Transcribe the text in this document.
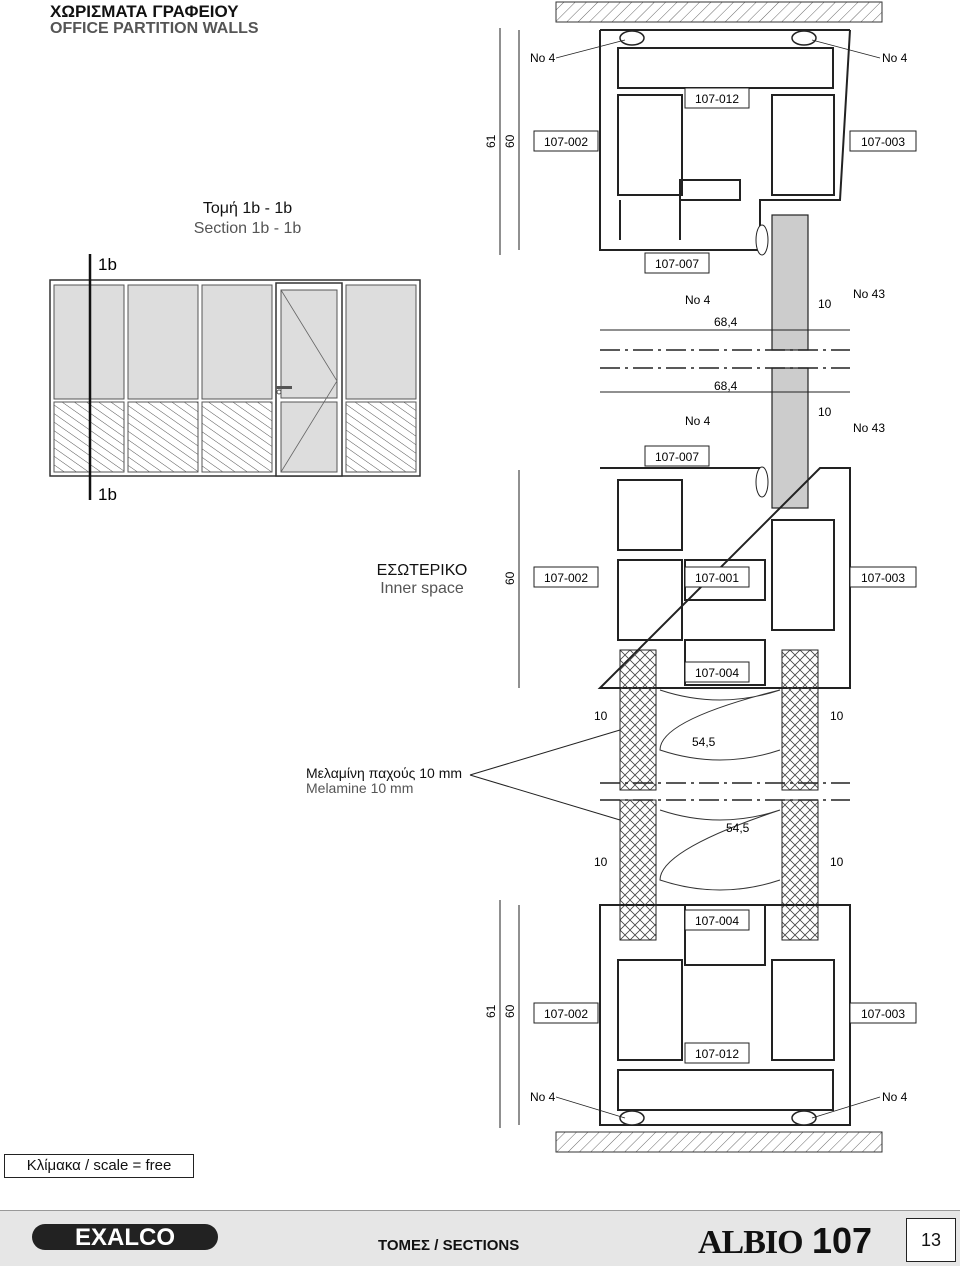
ΧΩΡΙΣΜΑΤΑ ΓΡΑΦΕΙΟΥ
OFFICE PARTITION WALLS
Τομή 1b - 1b
Section 1b - 1b
ΕΣΩΤΕΡΙΚΟ
Inner space
Μελαμίνη παχούς 10 mm
Melamine 10 mm
1b
1b
107-012
107-002	107-003
107-007
107-007
107-002	107-001	107-003
107-004
107-004
107-002	107-003
107-012
No 4	No 4
No 4	No 43
No 4	No 43
No 4	No 4
61 60
60
61 60
68,4
68,4
10
10
10	10
54,5
54,5
10	10
Κλίμακα / scale = free
EXALCO	ΤΟΜΕΣ / SECTIONS	ALBIO 107	13
